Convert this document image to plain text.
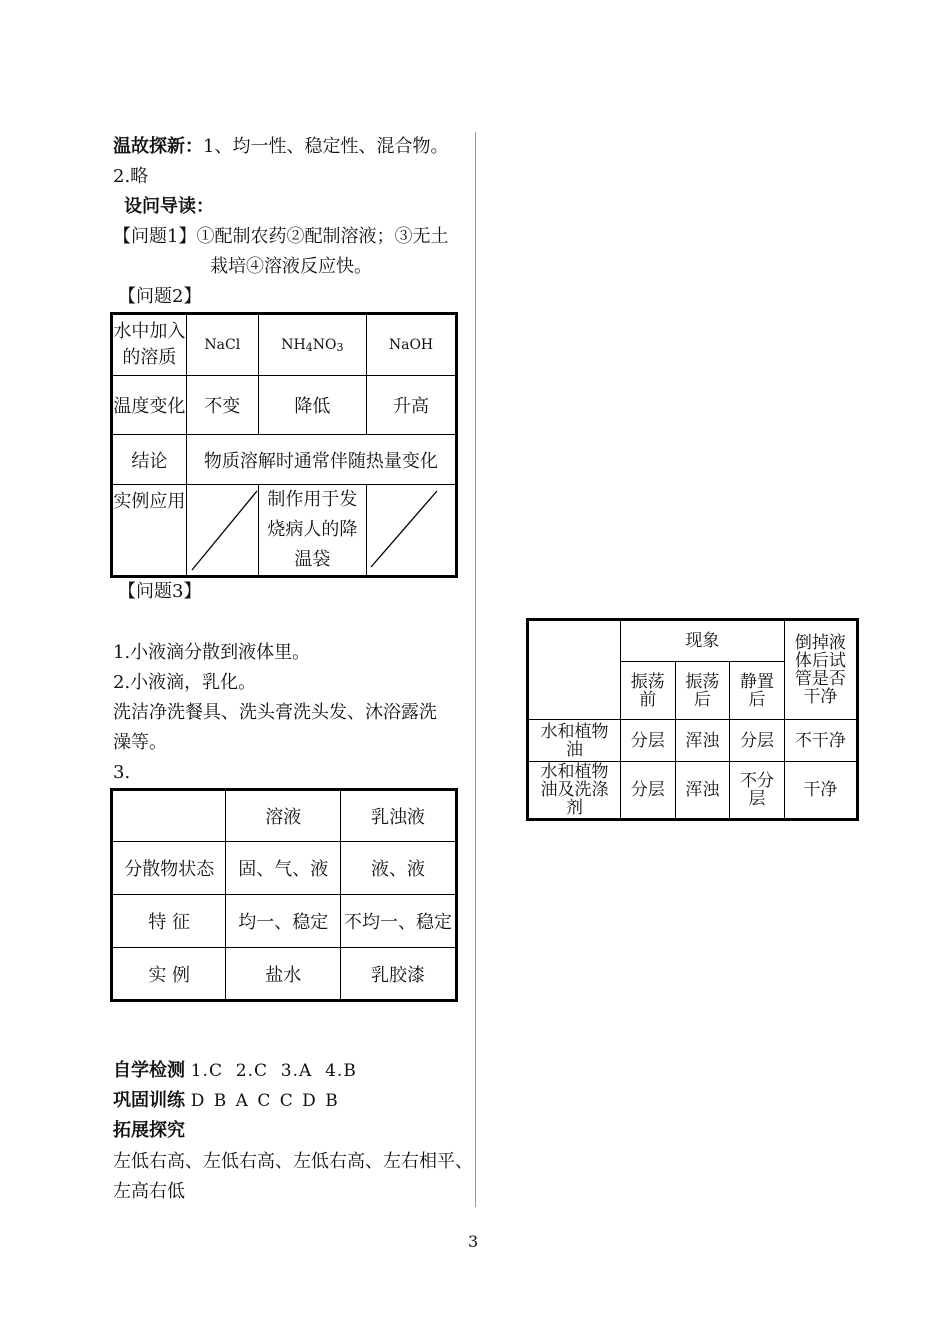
温故探新：1、均一性、稳定性、混合物。
2.略
设问导读：
【问题1】①配制农药②配制溶液；③无土
栽培④溶液反应快。
【问题2】
水中加入的溶质	NaCl	NH4NO3	NaOH
温度变化	不变	降低	升高
结论	物质溶解时通常伴随热量变化		
实例应用		制作用于发烧病人的降温袋	
【问题3】
1.小液滴分散到液体里。
2.小液滴，乳化。
洗洁净洗餐具、洗头膏洗头发、沐浴露洗
澡等。
3.
	溶液	乳浊液
分散物状态	固、气、液	液、液
特 征	均一、稳定	不均一、稳定
实 例	盐水	乳胶漆
自学检测 1.C  2.C  3.A  4.B
巩固训练 D B A C C D B
拓展探究
左低右高、左低右高、左低右高、左右相平、
左高右低
	现象			倒掉液体后试管是否干净
	振荡前	振荡后	静置后	
水和植物油	分层	浑浊	分层	不干净
水和植物油及洗涤剂	分层	浑浊	不分层	干净
3
